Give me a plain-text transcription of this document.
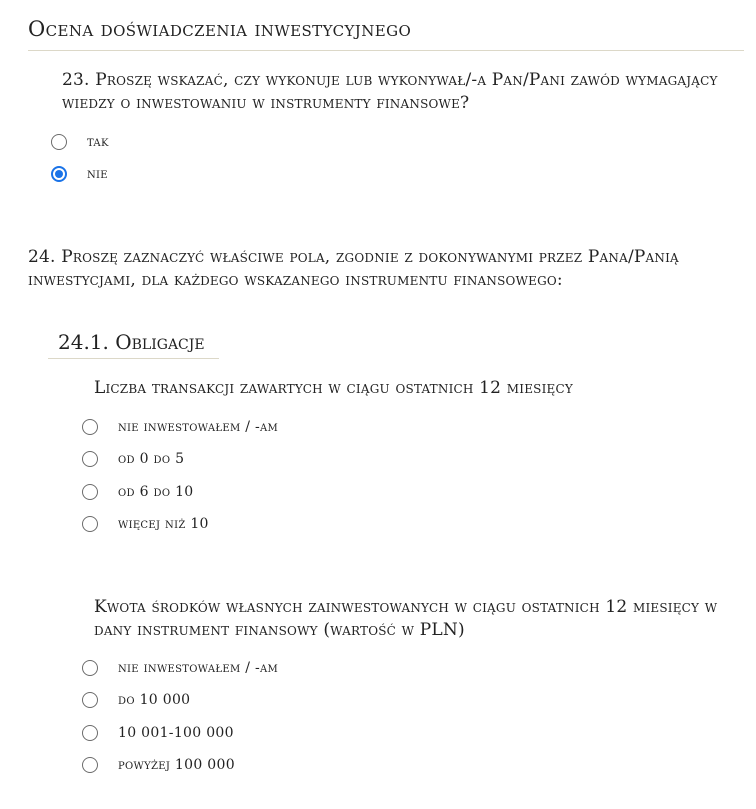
Ocena doświadczenia inwestycyjnego
23. Proszę wskazać, czy wykonuje lub wykonywał/-a Pan/Pani zawód wymagający wiedzy o inwestowaniu w instrumenty finansowe?
tak
nie
24. Proszę zaznaczyć właściwe pola, zgodnie z dokonywanymi przez Pana/Panią inwestycjami, dla każdego wskazanego instrumentu finansowego:
24.1. Obligacje
Liczba transakcji zawartych w ciągu ostatnich 12 miesięcy
nie inwestowałem / -am
od 0 do 5
od 6 do 10
więcej niż 10
Kwota środków własnych zainwestowanych w ciągu ostatnich 12 miesięcy w dany instrument finansowy (wartość w PLN)
nie inwestowałem / -am
do 10 000
10 001-100 000
powyżej 100 000
